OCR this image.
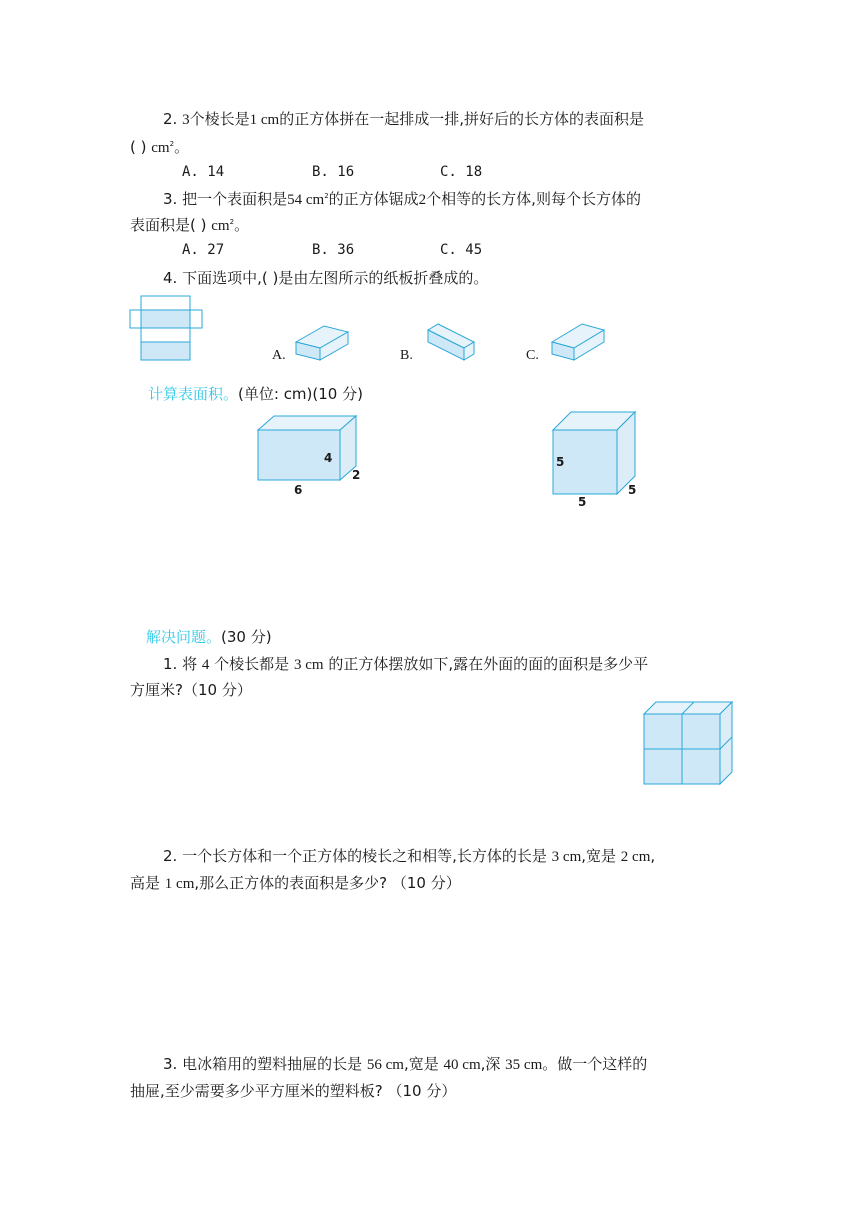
2. 3个棱长是1 cm的正方体拼在一起排成一排,拼好后的长方体的表面积是
( ) $cm^2$。
A. 14	B. 16	C. 18
3. 把一个表面积是54 $cm^2$的正方体锯成2个相等的长方体,则每个长方体的
表面积是( ) $cm^2$。
A. 27	B. 36	C. 45
4. 下面选项中,( )是由左图所示的纸板折叠成的。
A.	B.	C.
计算表面积。(单位: cm)(10 分)
4
2
6
5
5
5
解决问题。(30 分)
1. 将 4 个棱长都是 3 cm 的正方体摆放如下,露在外面的面的面积是多少平
方厘米?（10 分）
2. 一个长方体和一个正方体的棱长之和相等,长方体的长是 3 cm,宽是 2 cm,
高是 1 cm,那么正方体的表面积是多少? （10 分）
3. 电冰箱用的塑料抽屉的长是 56 cm,宽是 40 cm,深 35 cm。做一个这样的
抽屉,至少需要多少平方厘米的塑料板? （10 分）
